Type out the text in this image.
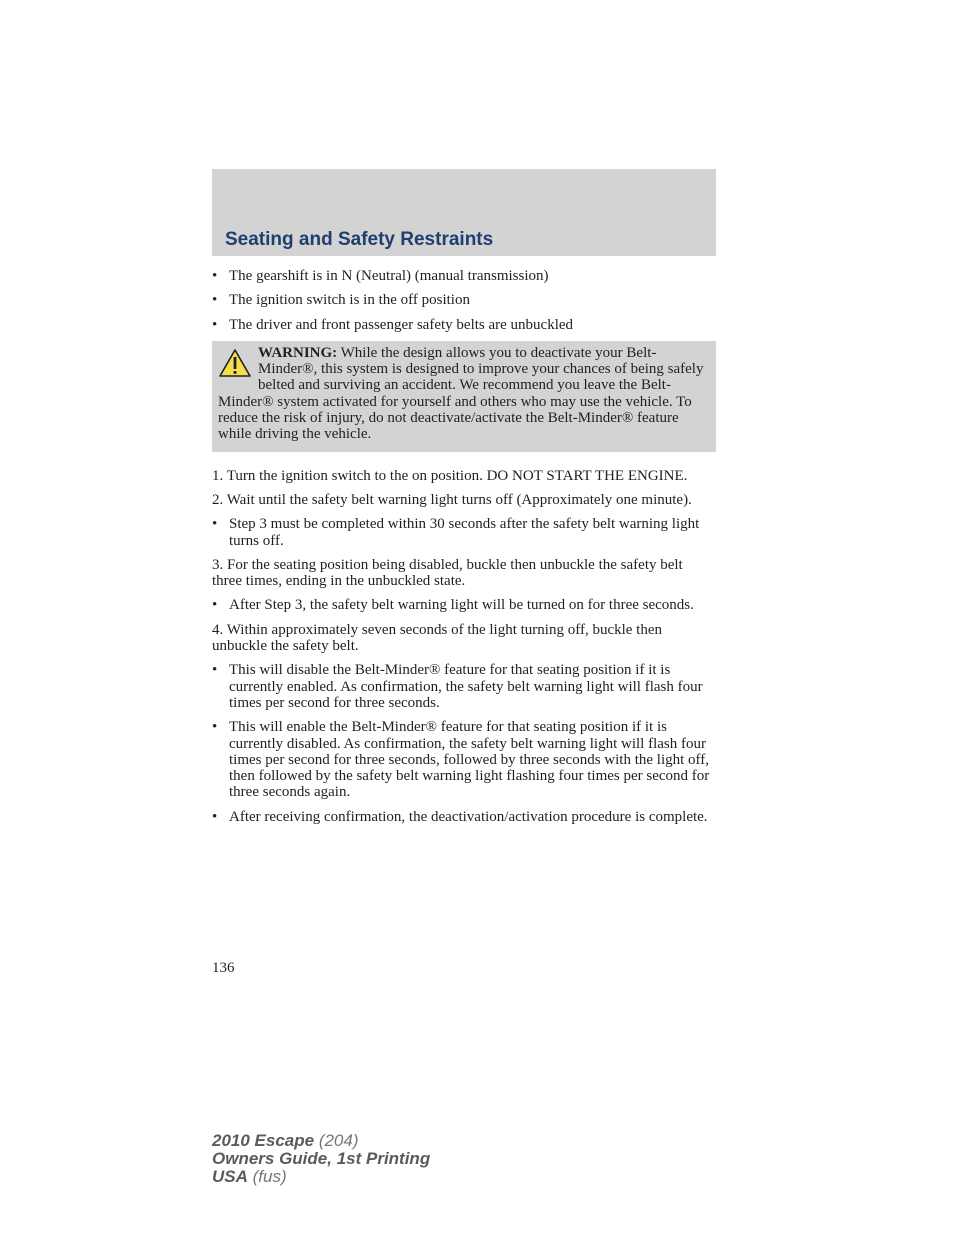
Seating and Safety Restraints
• The gearshift is in N (Neutral) (manual transmission)
• The ignition switch is in the off position
• The driver and front passenger safety belts are unbuckled
WARNING: While the design allows you to deactivate your Belt-Minder®, this system is designed to improve your chances of being safely belted and surviving an accident. We recommend you leave the Belt-Minder® system activated for yourself and others who may use the vehicle. To reduce the risk of injury, do not deactivate/activate the Belt-Minder® feature while driving the vehicle.

1. Turn the ignition switch to the on position. DO NOT START THE ENGINE.

2. Wait until the safety belt warning light turns off (Approximately one minute).

• Step 3 must be completed within 30 seconds after the safety belt warning light turns off.

3. For the seating position being disabled, buckle then unbuckle the safety belt three times, ending in the unbuckled state.

• After Step 3, the safety belt warning light will be turned on for three seconds.

4. Within approximately seven seconds of the light turning off, buckle then unbuckle the safety belt.

• This will disable the Belt-Minder® feature for that seating position if it is currently enabled. As confirmation, the safety belt warning light will flash four times per second for three seconds.
• This will enable the Belt-Minder® feature for that seating position if it is currently disabled. As confirmation, the safety belt warning light will flash four times per second for three seconds, followed by three seconds with the light off, then followed by the safety belt warning light flashing four times per second for three seconds again.
• After receiving confirmation, the deactivation/activation procedure is complete.
136
2010 Escape (204)
Owners Guide, 1st Printing
USA (fus)
